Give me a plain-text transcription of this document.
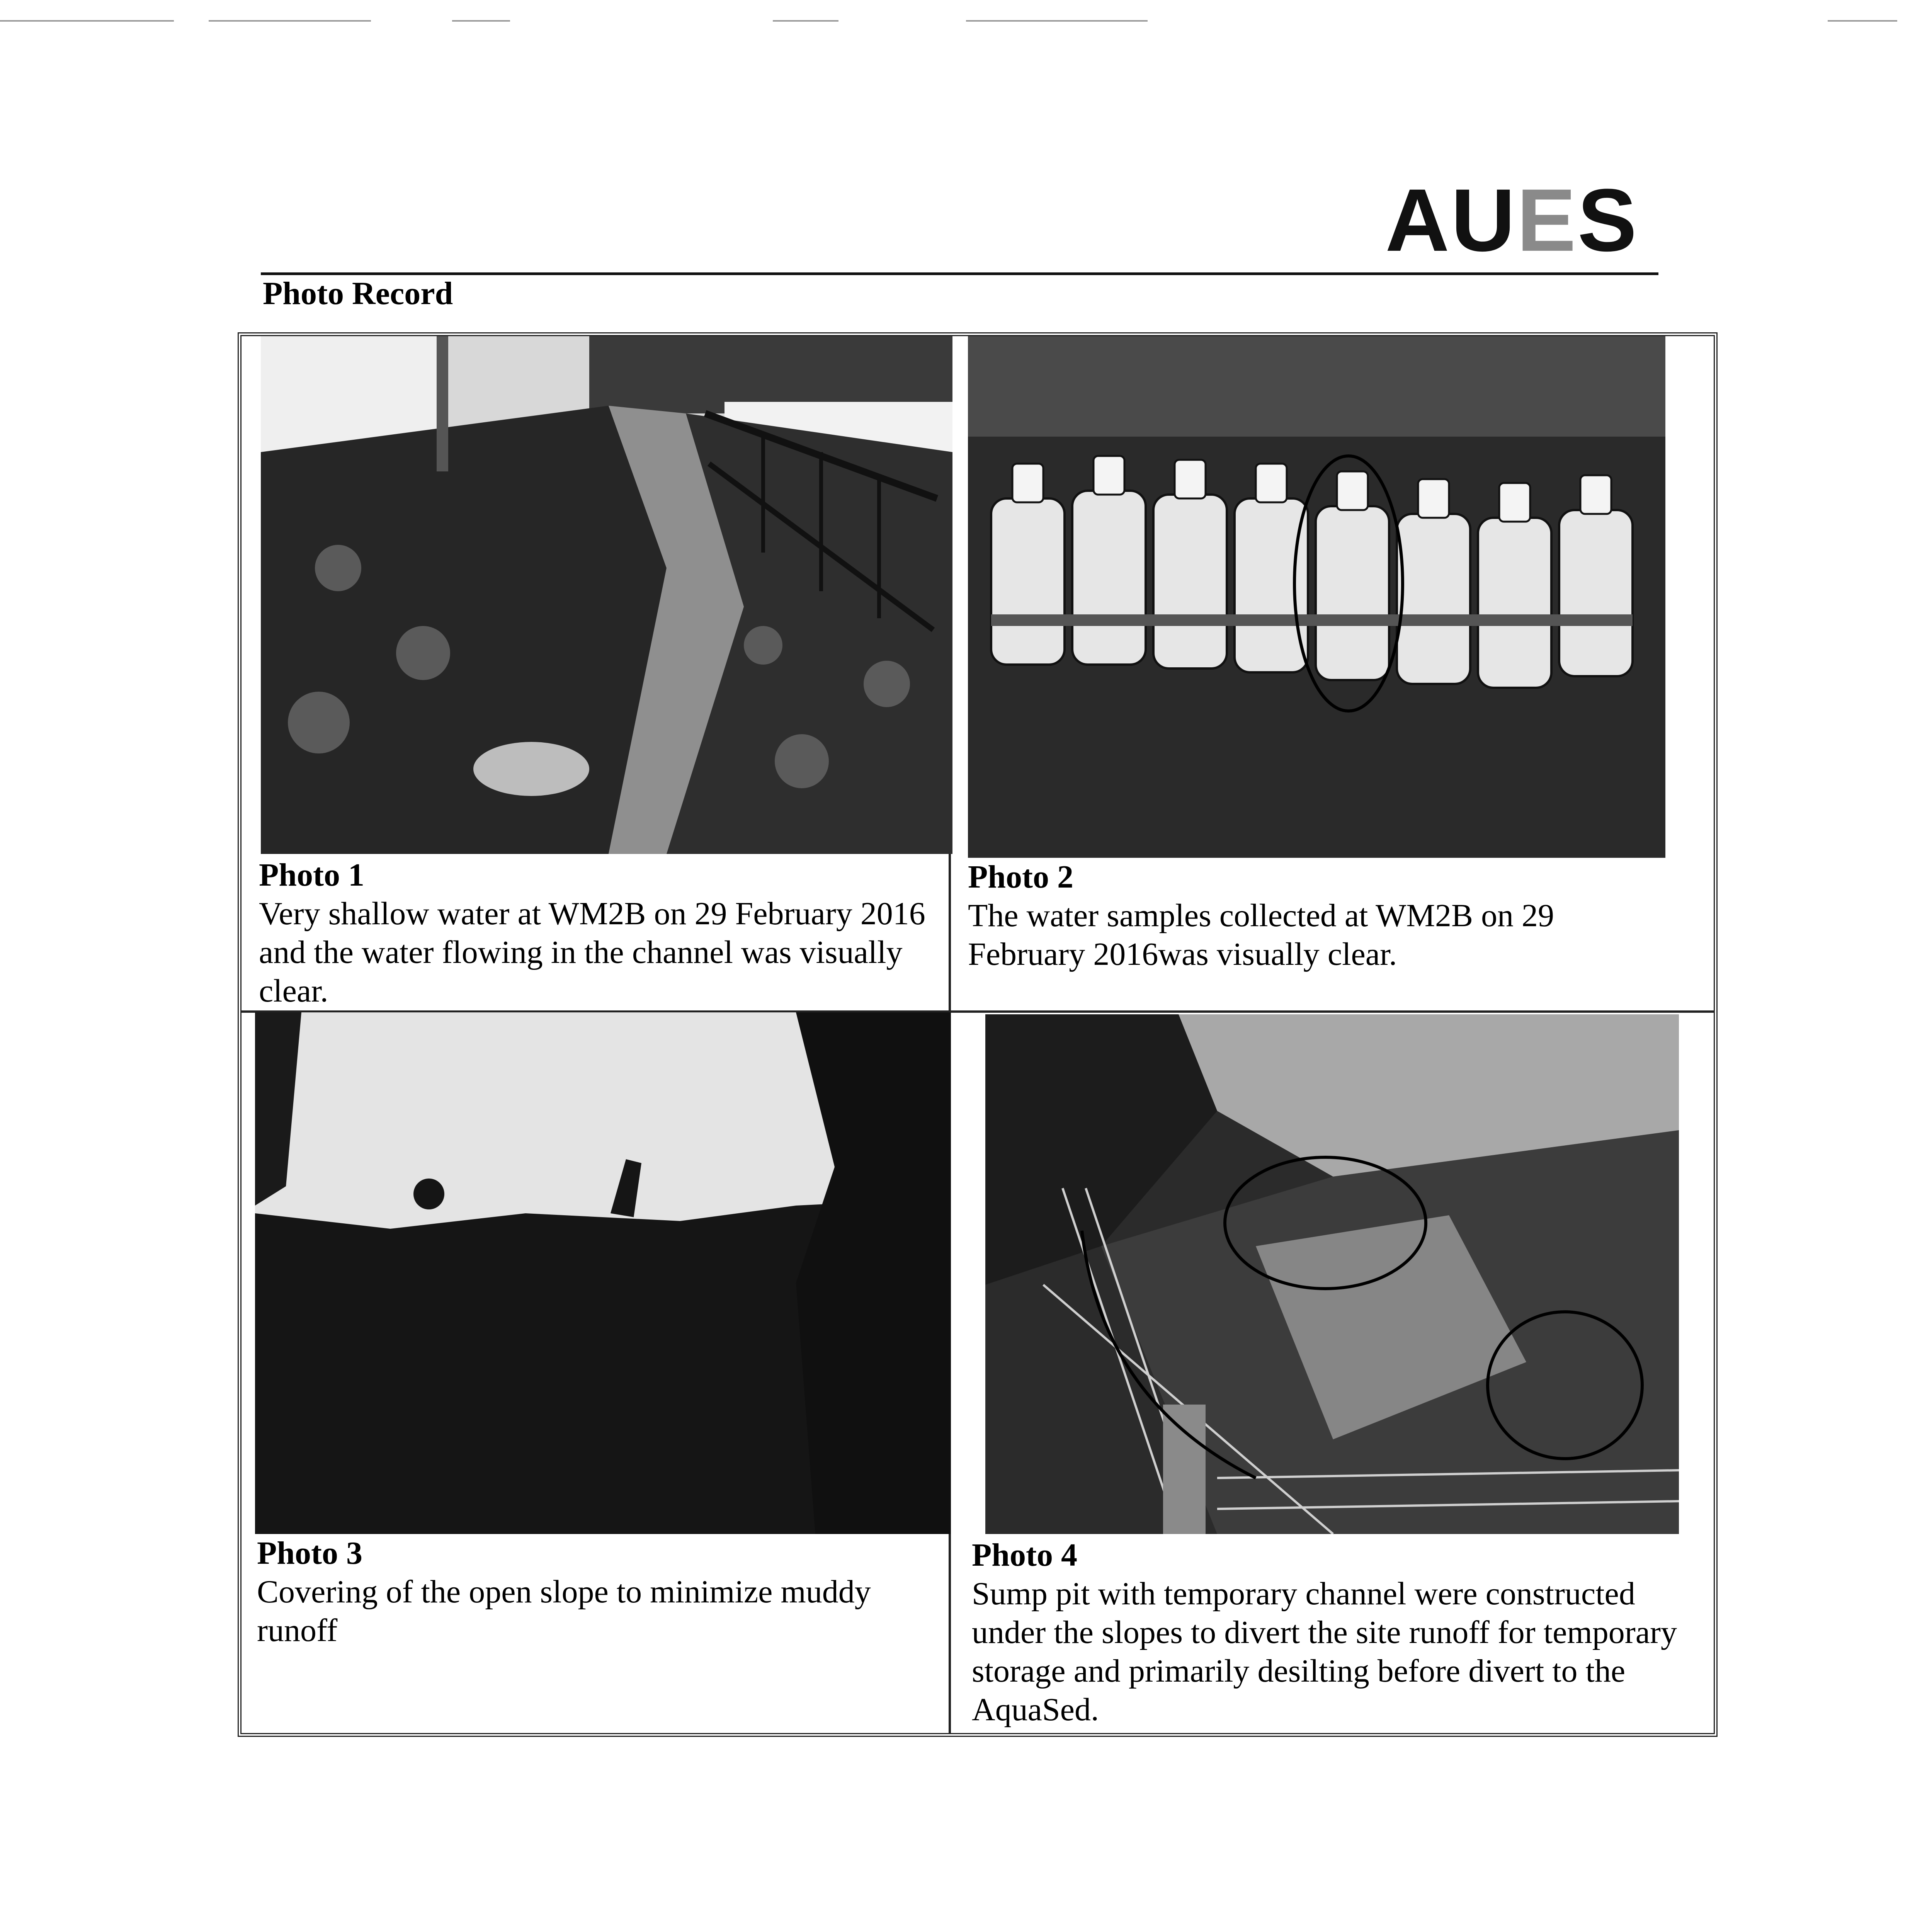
AUES
Photo Record
Photo 1
Very shallow water at WM2B on 29 February 2016 and the water flowing in the channel was visually clear.
Photo 2
The water samples collected at WM2B on 29 February 2016was visually clear.
Photo 3
Covering of the open slope to minimize muddy runoff
Photo 4
Sump pit with temporary channel were constructed under the slopes to divert the site runoff for temporary storage and primarily desilting before divert to the AquaSed.
